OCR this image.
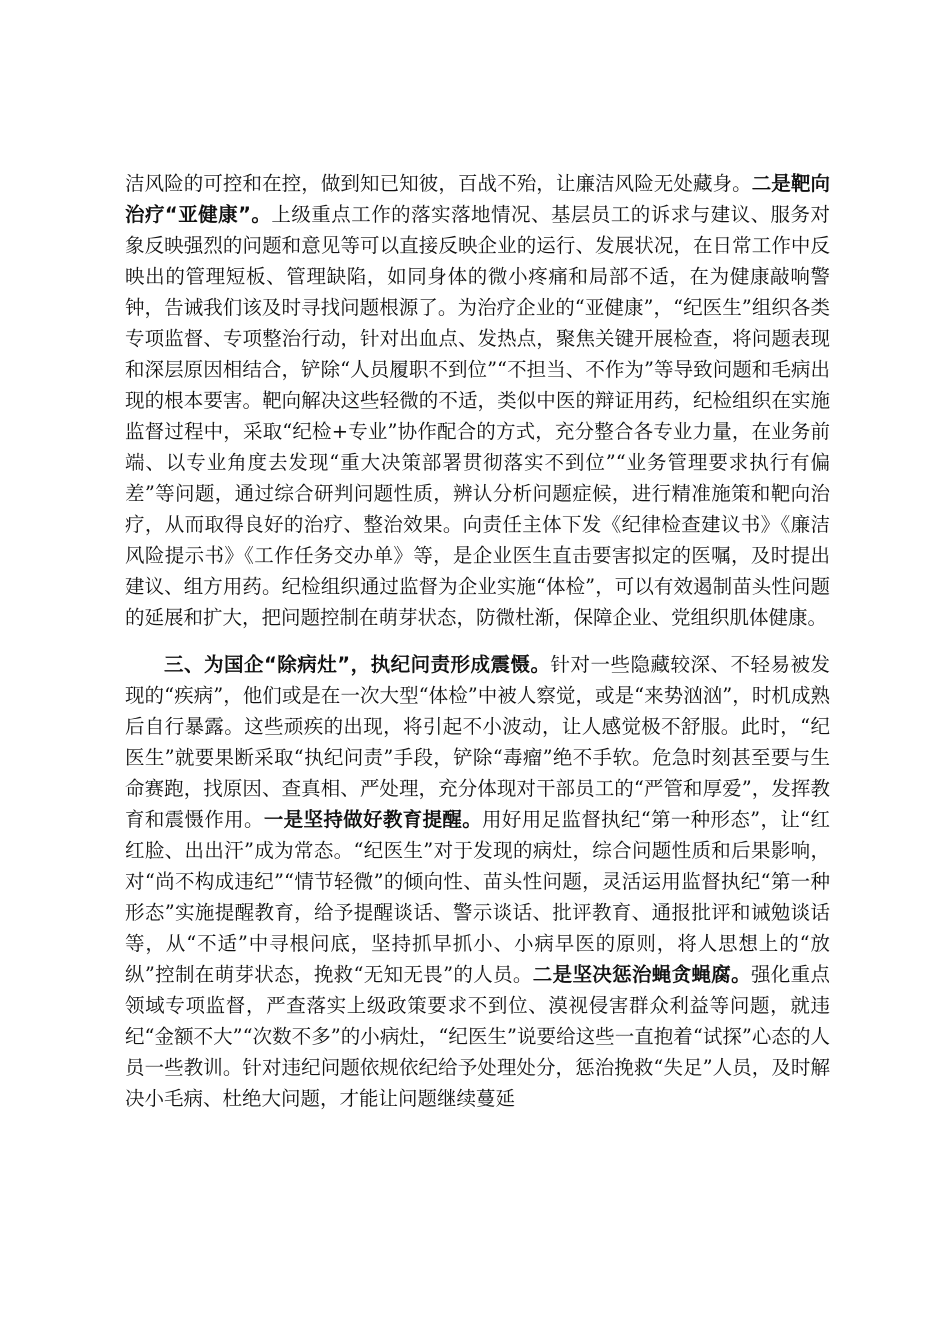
洁风险的可控和在控，做到知已知彼，百战不殆，让廉洁风险无处藏身。二是靶向治疗“亚健康”。上级重点工作的落实落地情况、基层员工的诉求与建议、服务对象反映强烈的问题和意见等可以直接反映企业的运行、发展状况，在日常工作中反映出的管理短板、管理缺陷，如同身体的微小疼痛和局部不适，在为健康敲响警钟，告诫我们该及时寻找问题根源了。为治疗企业的“亚健康”，“纪医生”组织各类专项监督、专项整治行动，针对出血点、发热点，聚焦关键开展检查，将问题表现和深层原因相结合，铲除“人员履职不到位”“不担当、不作为”等导致问题和毛病出现的根本要害。靶向解决这些轻微的不适，类似中医的辩证用药，纪检组织在实施监督过程中，采取“纪检+专业”协作配合的方式，充分整合各专业力量，在业务前端、以专业角度去发现“重大决策部署贯彻落实不到位”“业务管理要求执行有偏差”等问题，通过综合研判问题性质，辨认分析问题症候，进行精准施策和靶向治疗，从而取得良好的治疗、整治效果。向责任主体下发《纪律检查建议书》《廉洁风险提示书》《工作任务交办单》等，是企业医生直击要害拟定的医嘱，及时提出建议、组方用药。纪检组织通过监督为企业实施“体检”，可以有效遏制苗头性问题的延展和扩大，把问题控制在萌芽状态，防微杜渐，保障企业、党组织肌体健康。

三、为国企“除病灶”，执纪问责形成震慑。针对一些隐藏较深、不轻易被发现的“疾病”，他们或是在一次大型“体检”中被人察觉，或是“来势汹汹”，时机成熟后自行暴露。这些顽疾的出现，将引起不小波动，让人感觉极不舒服。此时，“纪医生”就要果断采取“执纪问责”手段，铲除“毒瘤”绝不手软。危急时刻甚至要与生命赛跑，找原因、查真相、严处理，充分体现对干部员工的“严管和厚爱”，发挥教育和震慑作用。一是坚持做好教育提醒。用好用足监督执纪“第一种形态”，让“红红脸、出出汗”成为常态。“纪医生”对于发现的病灶，综合问题性质和后果影响，对“尚不构成违纪”“情节轻微”的倾向性、苗头性问题，灵活运用监督执纪“第一种形态”实施提醒教育，给予提醒谈话、警示谈话、批评教育、通报批评和诫勉谈话等，从“不适”中寻根问底，坚持抓早抓小、小病早医的原则，将人思想上的“放纵”控制在萌芽状态，挽救“无知无畏”的人员。二是坚决惩治蝇贪蝇腐。强化重点领域专项监督，严查落实上级政策要求不到位、漠视侵害群众利益等问题，就违纪“金额不大”“次数不多”的小病灶，“纪医生”说要给这些一直抱着“试探”心态的人员一些教训。针对违纪问题依规依纪给予处理处分，惩治挽救“失足”人员，及时解决小毛病、杜绝大问题，才能让问题继续蔓延
